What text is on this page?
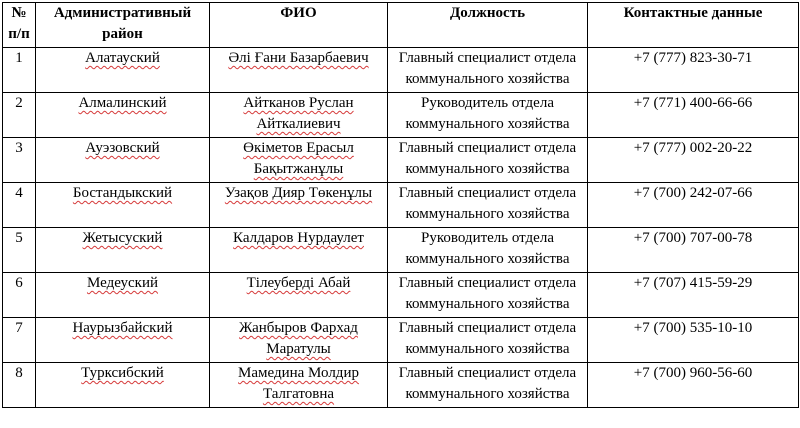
№ п/п	Административный район	ФИО	Должность	Контактные данные
1	Алатауский	Әлі Ғани Базарбаевич	Главный специалист отдела коммунального хозяйства	+7 (777) 823-30-71
2	Алмалинский	Айтканов Руслан Айткалиевич	Руководитель отдела коммунального хозяйства	+7 (771) 400-66-66
3	Ауэзовский	Өкiметов Ерасыл Бақытжанұлы	Главный специалист отдела коммунального хозяйства	+7 (777) 002-20-22
4	Бостандыкский	Узақов Дияр Төкенұлы	Главный специалист отдела коммунального хозяйства	+7 (700) 242-07-66
5	Жетысуский	Калдаров Нурдаулет	Руководитель отдела коммунального хозяйства	+7 (700) 707-00-78
6	Медеуский	Тілеуберді Абай	Главный специалист отдела коммунального хозяйства	+7 (707) 415-59-29
7	Наурызбайский	Жанбыров Фархад Маратулы	Главный специалист отдела коммунального хозяйства	+7 (700) 535-10-10
8	Турксибский	Мамедина Молдир Талгатовна	Главный специалист отдела коммунального хозяйства	+7 (700) 960-56-60
